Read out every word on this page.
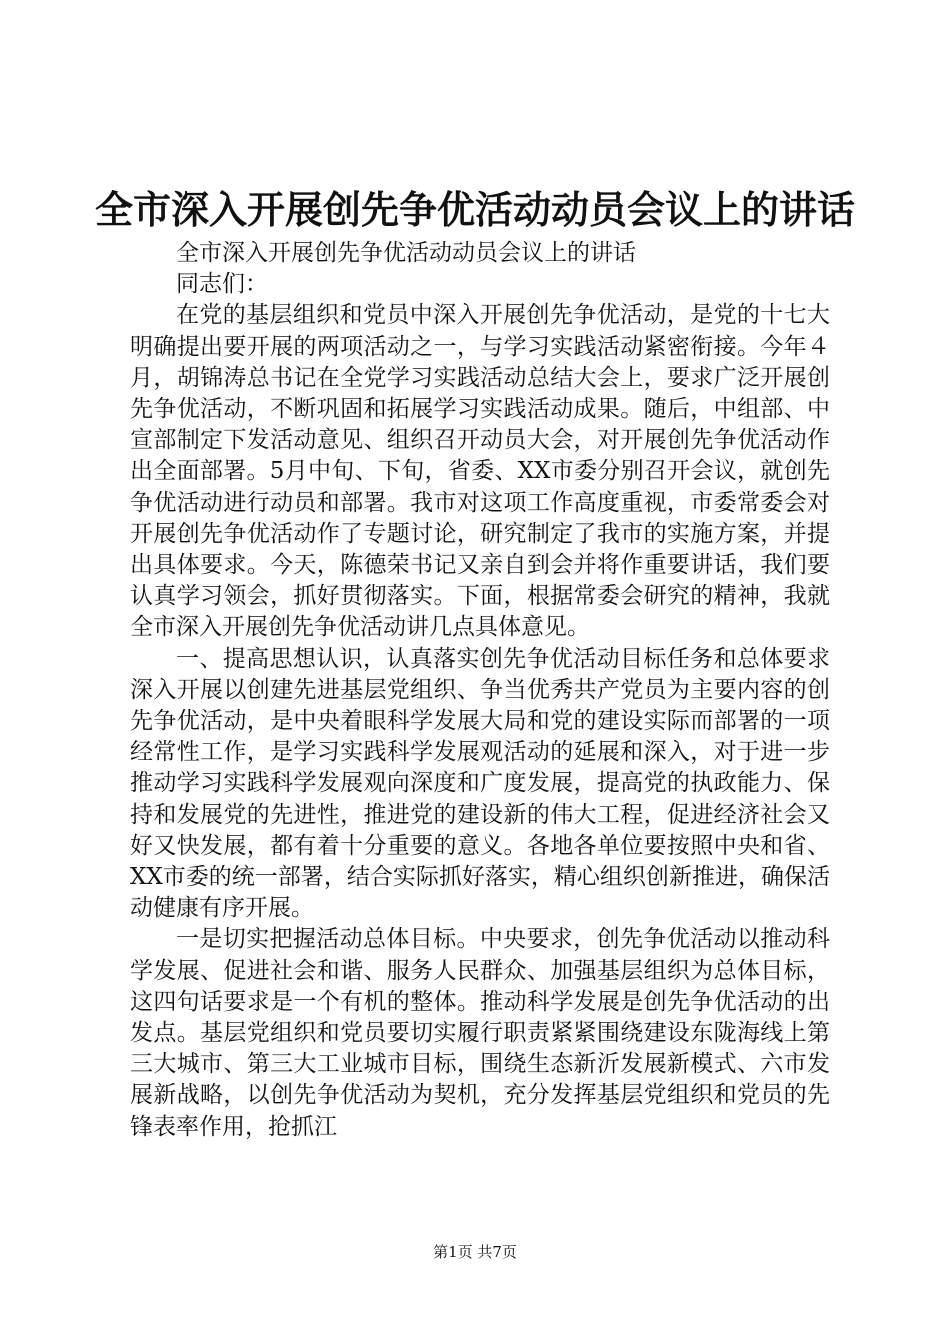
全市深入开展创先争优活动动员会议上的讲话

全市深入开展创先争优活动动员会议上的讲话

同志们：

在党的基层组织和党员中深入开展创先争优活动，是党的十七大明确提出要开展的两项活动之一，与学习实践活动紧密衔接。今年４月，胡锦涛总书记在全党学习实践活动总结大会上，要求广泛开展创先争优活动，不断巩固和拓展学习实践活动成果。随后，中组部、中宣部制定下发活动意见、组织召开动员大会，对开展创先争优活动作出全面部署。5月中旬、下旬，省委、XX市委分别召开会议，就创先争优活动进行动员和部署。我市对这项工作高度重视，市委常委会对开展创先争优活动作了专题讨论，研究制定了我市的实施方案，并提出具体要求。今天，陈德荣书记又亲自到会并将作重要讲话，我们要认真学习领会，抓好贯彻落实。下面，根据常委会研究的精神，我就全市深入开展创先争优活动讲几点具体意见。

一、提高思想认识，认真落实创先争优活动目标任务和总体要求深入开展以创建先进基层党组织、争当优秀共产党员为主要内容的创先争优活动，是中央着眼科学发展大局和党的建设实际而部署的一项经常性工作，是学习实践科学发展观活动的延展和深入，对于进一步推动学习实践科学发展观向深度和广度发展，提高党的执政能力、保持和发展党的先进性，推进党的建设新的伟大工程，促进经济社会又好又快发展，都有着十分重要的意义。各地各单位要按照中央和省、XX市委的统一部署，结合实际抓好落实，精心组织创新推进，确保活动健康有序开展。

一是切实把握活动总体目标。中央要求，创先争优活动以推动科学发展、促进社会和谐、服务人民群众、加强基层组织为总体目标，这四句话要求是一个有机的整体。推动科学发展是创先争优活动的出发点。基层党组织和党员要切实履行职责紧紧围绕建设东陇海线上第三大城市、第三大工业城市目标，围绕生态新沂发展新模式、六市发展新战略，以创先争优活动为契机，充分发挥基层党组织和党员的先锋表率作用，抢抓江

第1页 共7页
